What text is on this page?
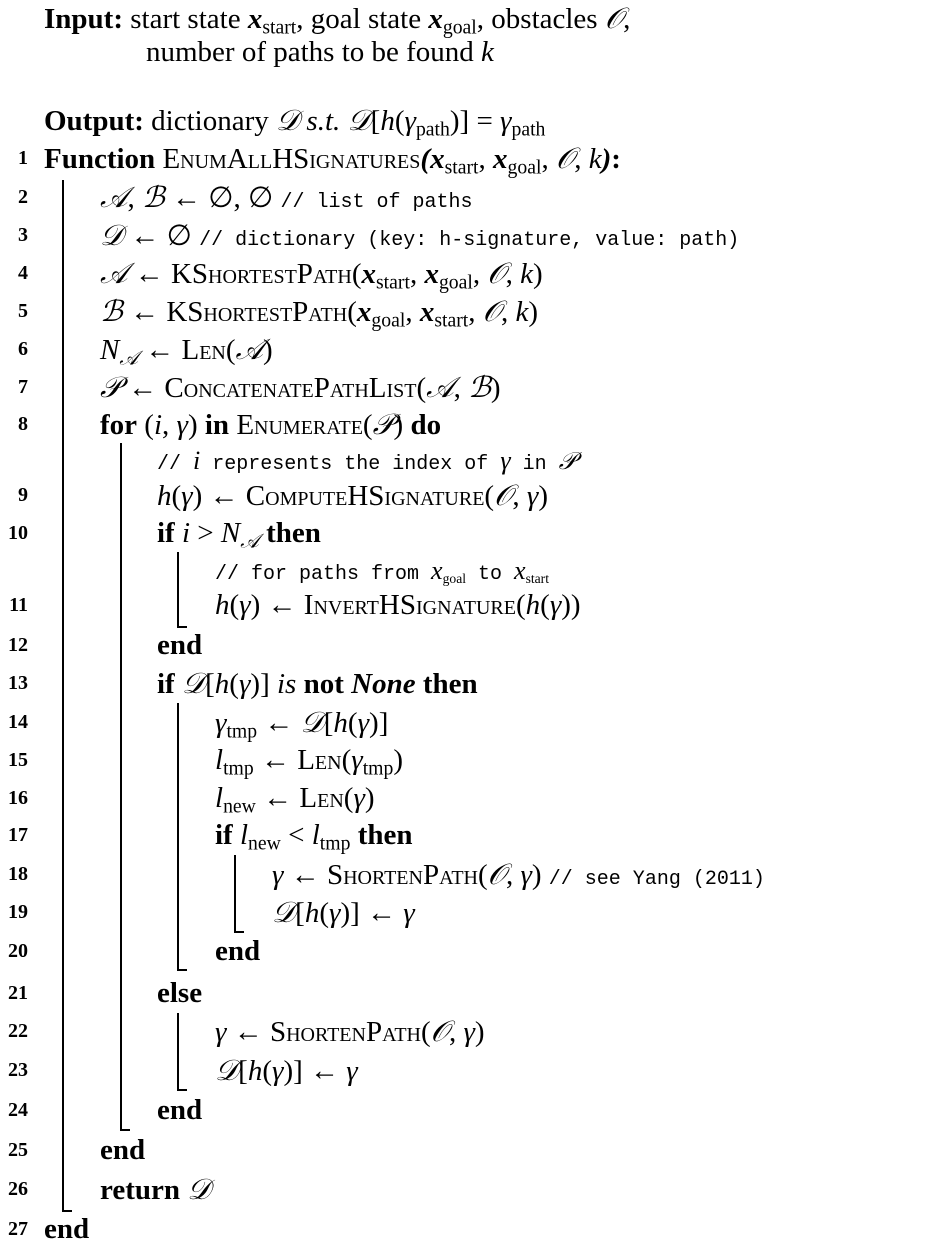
Input: start state $x_{start}$, goal state $x_{goal}$, obstacles 𝒪,
number of paths to be found k
Output: dictionary 𝒟 s.t. $𝒟[h(\gamma_{path})] = \gamma_{path}$
1 Function $EnumAllHSignatures(x_{start}$, $x_{goal}$, 𝒪, k):
2 𝒜, ℬ ← ∅, ∅ // list of paths
3 𝒟 ← ∅ // dictionary (key: h-signature, value: path)
4 𝒜 ← $KShortestPath(x_{start}$, $x_{goal}$, 𝒪, k)
5 ℬ ← $KShortestPath(x_{goal}$, $x_{start}$, 𝒪, k)
6 $N_𝒜$ ← Len(𝒜)
7 𝒫 ← ConcatenatePathList(𝒜, ℬ)
8 for (i, γ) in Enumerate(𝒫) do
// i represents the index of γ in 𝒫
9	h(γ) ← ComputeHSignature(𝒪, γ)
10	if $i > N_𝒜$ then
// for paths from $x_{goal}$ to $x_{start}$
11	h(γ) ← InvertHSignature(h(γ))
12	end
13	if 𝒟[h(γ)] is not None then
14	$\gamma_{tmp}$ ← 𝒟[h(γ)]
15	$l_{tmp}$ ← $Len(\gamma_{tmp})$
16	$l_{new}$ ← Len(γ)
17	if $l_{new} < l_{tmp}$ then
18	γ ← ShortenPath(𝒪, γ) // see Yang (2011)
19	𝒟[h(γ)] ← γ
20	end
21	else
22	γ ← ShortenPath(𝒪, γ)
23	𝒟[h(γ)] ← γ
24	end
25 end
26 return 𝒟
27 end
